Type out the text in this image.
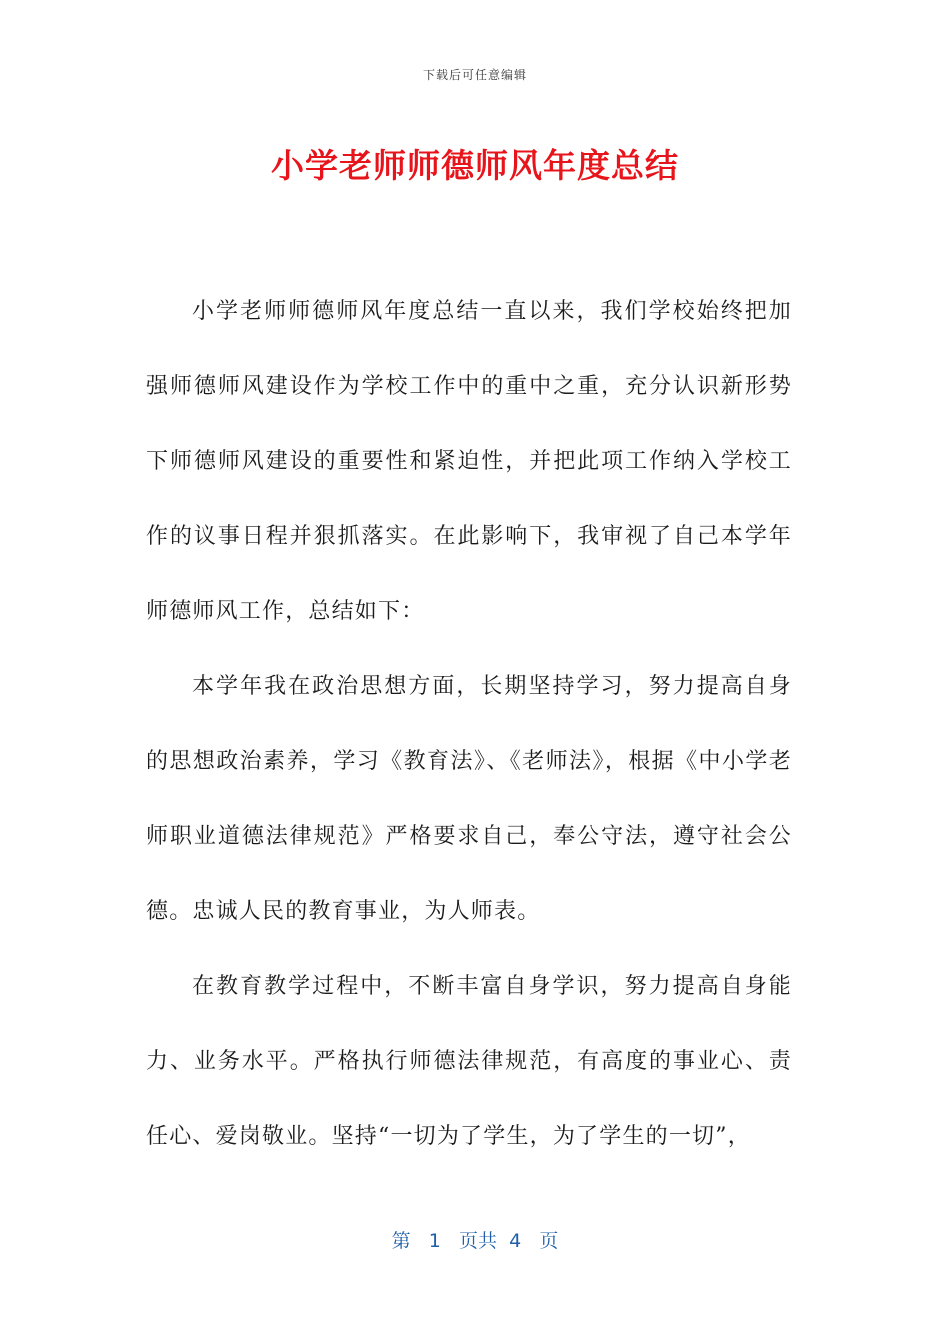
下载后可任意编辑
小学老师师德师风年度总结

小学老师师德师风年度总结一直以来，我们学校始终把加强师德师风建设作为学校工作中的重中之重，充分认识新形势下师德师风建设的重要性和紧迫性，并把此项工作纳入学校工作的议事日程并狠抓落实。在此影响下，我审视了自己本学年师德师风工作，总结如下：

本学年我在政治思想方面，长期坚持学习，努力提高自身的思想政治素养，学习《教育法》、《老师法》，根据《中小学老师职业道德法律规范》严格要求自己，奉公守法，遵守社会公德。忠诚人民的教育事业，为人师表。

在教育教学过程中，不断丰富自身学识，努力提高自身能力、业务水平。严格执行师德法律规范，有高度的事业心、责任心、爱岗敬业。坚持“一切为了学生，为了学生的一切”，

第 1 页共 4 页
